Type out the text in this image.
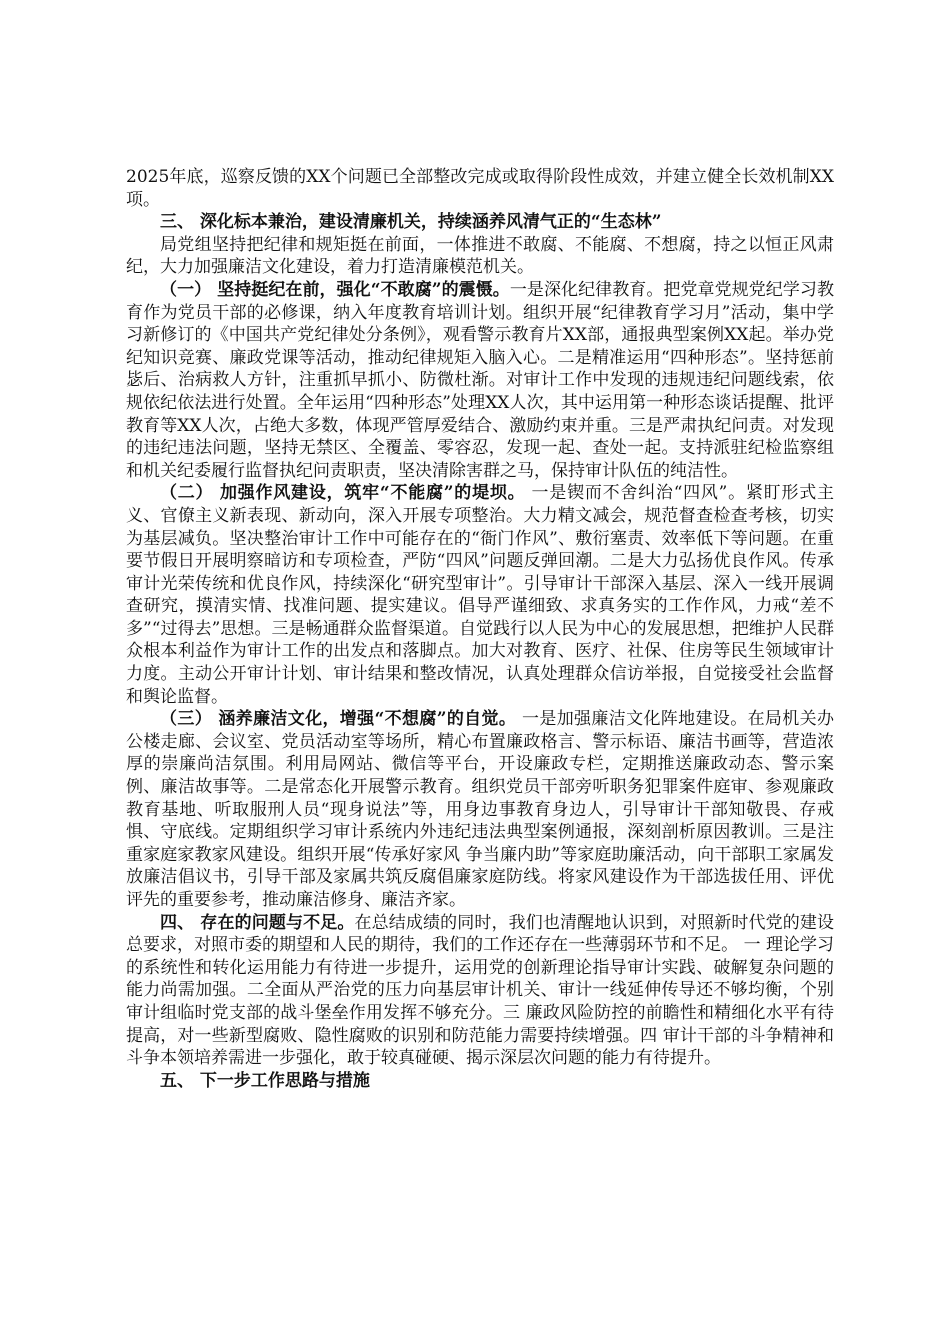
2025年底，巡察反馈的XX个问题已全部整改完成或取得阶段性成效，并建立健全长效机制XX项。

三、 深化标本兼治，建设清廉机关，持续涵养风清气正的“生态林”

局党组坚持把纪律和规矩挺在前面，一体推进不敢腐、不能腐、不想腐，持之以恒正风肃纪，大力加强廉洁文化建设，着力打造清廉模范机关。

（一） 坚持挺纪在前，强化“不敢腐”的震慑。一是深化纪律教育。把党章党规党纪学习教育作为党员干部的必修课，纳入年度教育培训计划。组织开展“纪律教育学习月”活动，集中学习新修订的《中国共产党纪律处分条例》，观看警示教育片XX部，通报典型案例XX起。举办党纪知识竞赛、廉政党课等活动，推动纪律规矩入脑入心。二是精准运用“四种形态”。坚持惩前毖后、治病救人方针，注重抓早抓小、防微杜渐。对审计工作中发现的违规违纪问题线索，依规依纪依法进行处置。全年运用“四种形态”处理XX人次，其中运用第一种形态谈话提醒、批评教育等XX人次，占绝大多数，体现严管厚爱结合、激励约束并重。三是严肃执纪问责。对发现的违纪违法问题，坚持无禁区、全覆盖、零容忍，发现一起、查处一起。支持派驻纪检监察组和机关纪委履行监督执纪问责职责，坚决清除害群之马，保持审计队伍的纯洁性。

（二） 加强作风建设，筑牢“不能腐”的堤坝。 一是锲而不舍纠治“四风”。紧盯形式主义、官僚主义新表现、新动向，深入开展专项整治。大力精文减会，规范督查检查考核，切实为基层减负。坚决整治审计工作中可能存在的“衙门作风”、敷衍塞责、效率低下等问题。在重要节假日开展明察暗访和专项检查，严防“四风”问题反弹回潮。二是大力弘扬优良作风。传承审计光荣传统和优良作风，持续深化“研究型审计”。引导审计干部深入基层、深入一线开展调查研究，摸清实情、找准问题、提实建议。倡导严谨细致、求真务实的工作作风，力戒“差不多”“过得去”思想。三是畅通群众监督渠道。自觉践行以人民为中心的发展思想，把维护人民群众根本利益作为审计工作的出发点和落脚点。加大对教育、医疗、社保、住房等民生领域审计力度。主动公开审计计划、审计结果和整改情况，认真处理群众信访举报，自觉接受社会监督和舆论监督。

（三） 涵养廉洁文化，增强“不想腐”的自觉。 一是加强廉洁文化阵地建设。在局机关办公楼走廊、会议室、党员活动室等场所，精心布置廉政格言、警示标语、廉洁书画等，营造浓厚的崇廉尚洁氛围。利用局网站、微信等平台，开设廉政专栏，定期推送廉政动态、警示案例、廉洁故事等。二是常态化开展警示教育。组织党员干部旁听职务犯罪案件庭审、参观廉政教育基地、听取服刑人员“现身说法”等，用身边事教育身边人，引导审计干部知敬畏、存戒惧、守底线。定期组织学习审计系统内外违纪违法典型案例通报，深刻剖析原因教训。三是注重家庭家教家风建设。组织开展“传承好家风 争当廉内助”等家庭助廉活动，向干部职工家属发放廉洁倡议书，引导干部及家属共筑反腐倡廉家庭防线。将家风建设作为干部选拔任用、评优评先的重要参考，推动廉洁修身、廉洁齐家。

四、 存在的问题与不足。在总结成绩的同时，我们也清醒地认识到，对照新时代党的建设总要求，对照市委的期望和人民的期待，我们的工作还存在一些薄弱环节和不足。 一 理论学习的系统性和转化运用能力有待进一步提升，运用党的创新理论指导审计实践、破解复杂问题的能力尚需加强。二全面从严治党的压力向基层审计机关、审计一线延伸传导还不够均衡，个别审计组临时党支部的战斗堡垒作用发挥不够充分。三 廉政风险防控的前瞻性和精细化水平有待提高，对一些新型腐败、隐性腐败的识别和防范能力需要持续增强。四 审计干部的斗争精神和斗争本领培养需进一步强化，敢于较真碰硬、揭示深层次问题的能力有待提升。

五、 下一步工作思路与措施
